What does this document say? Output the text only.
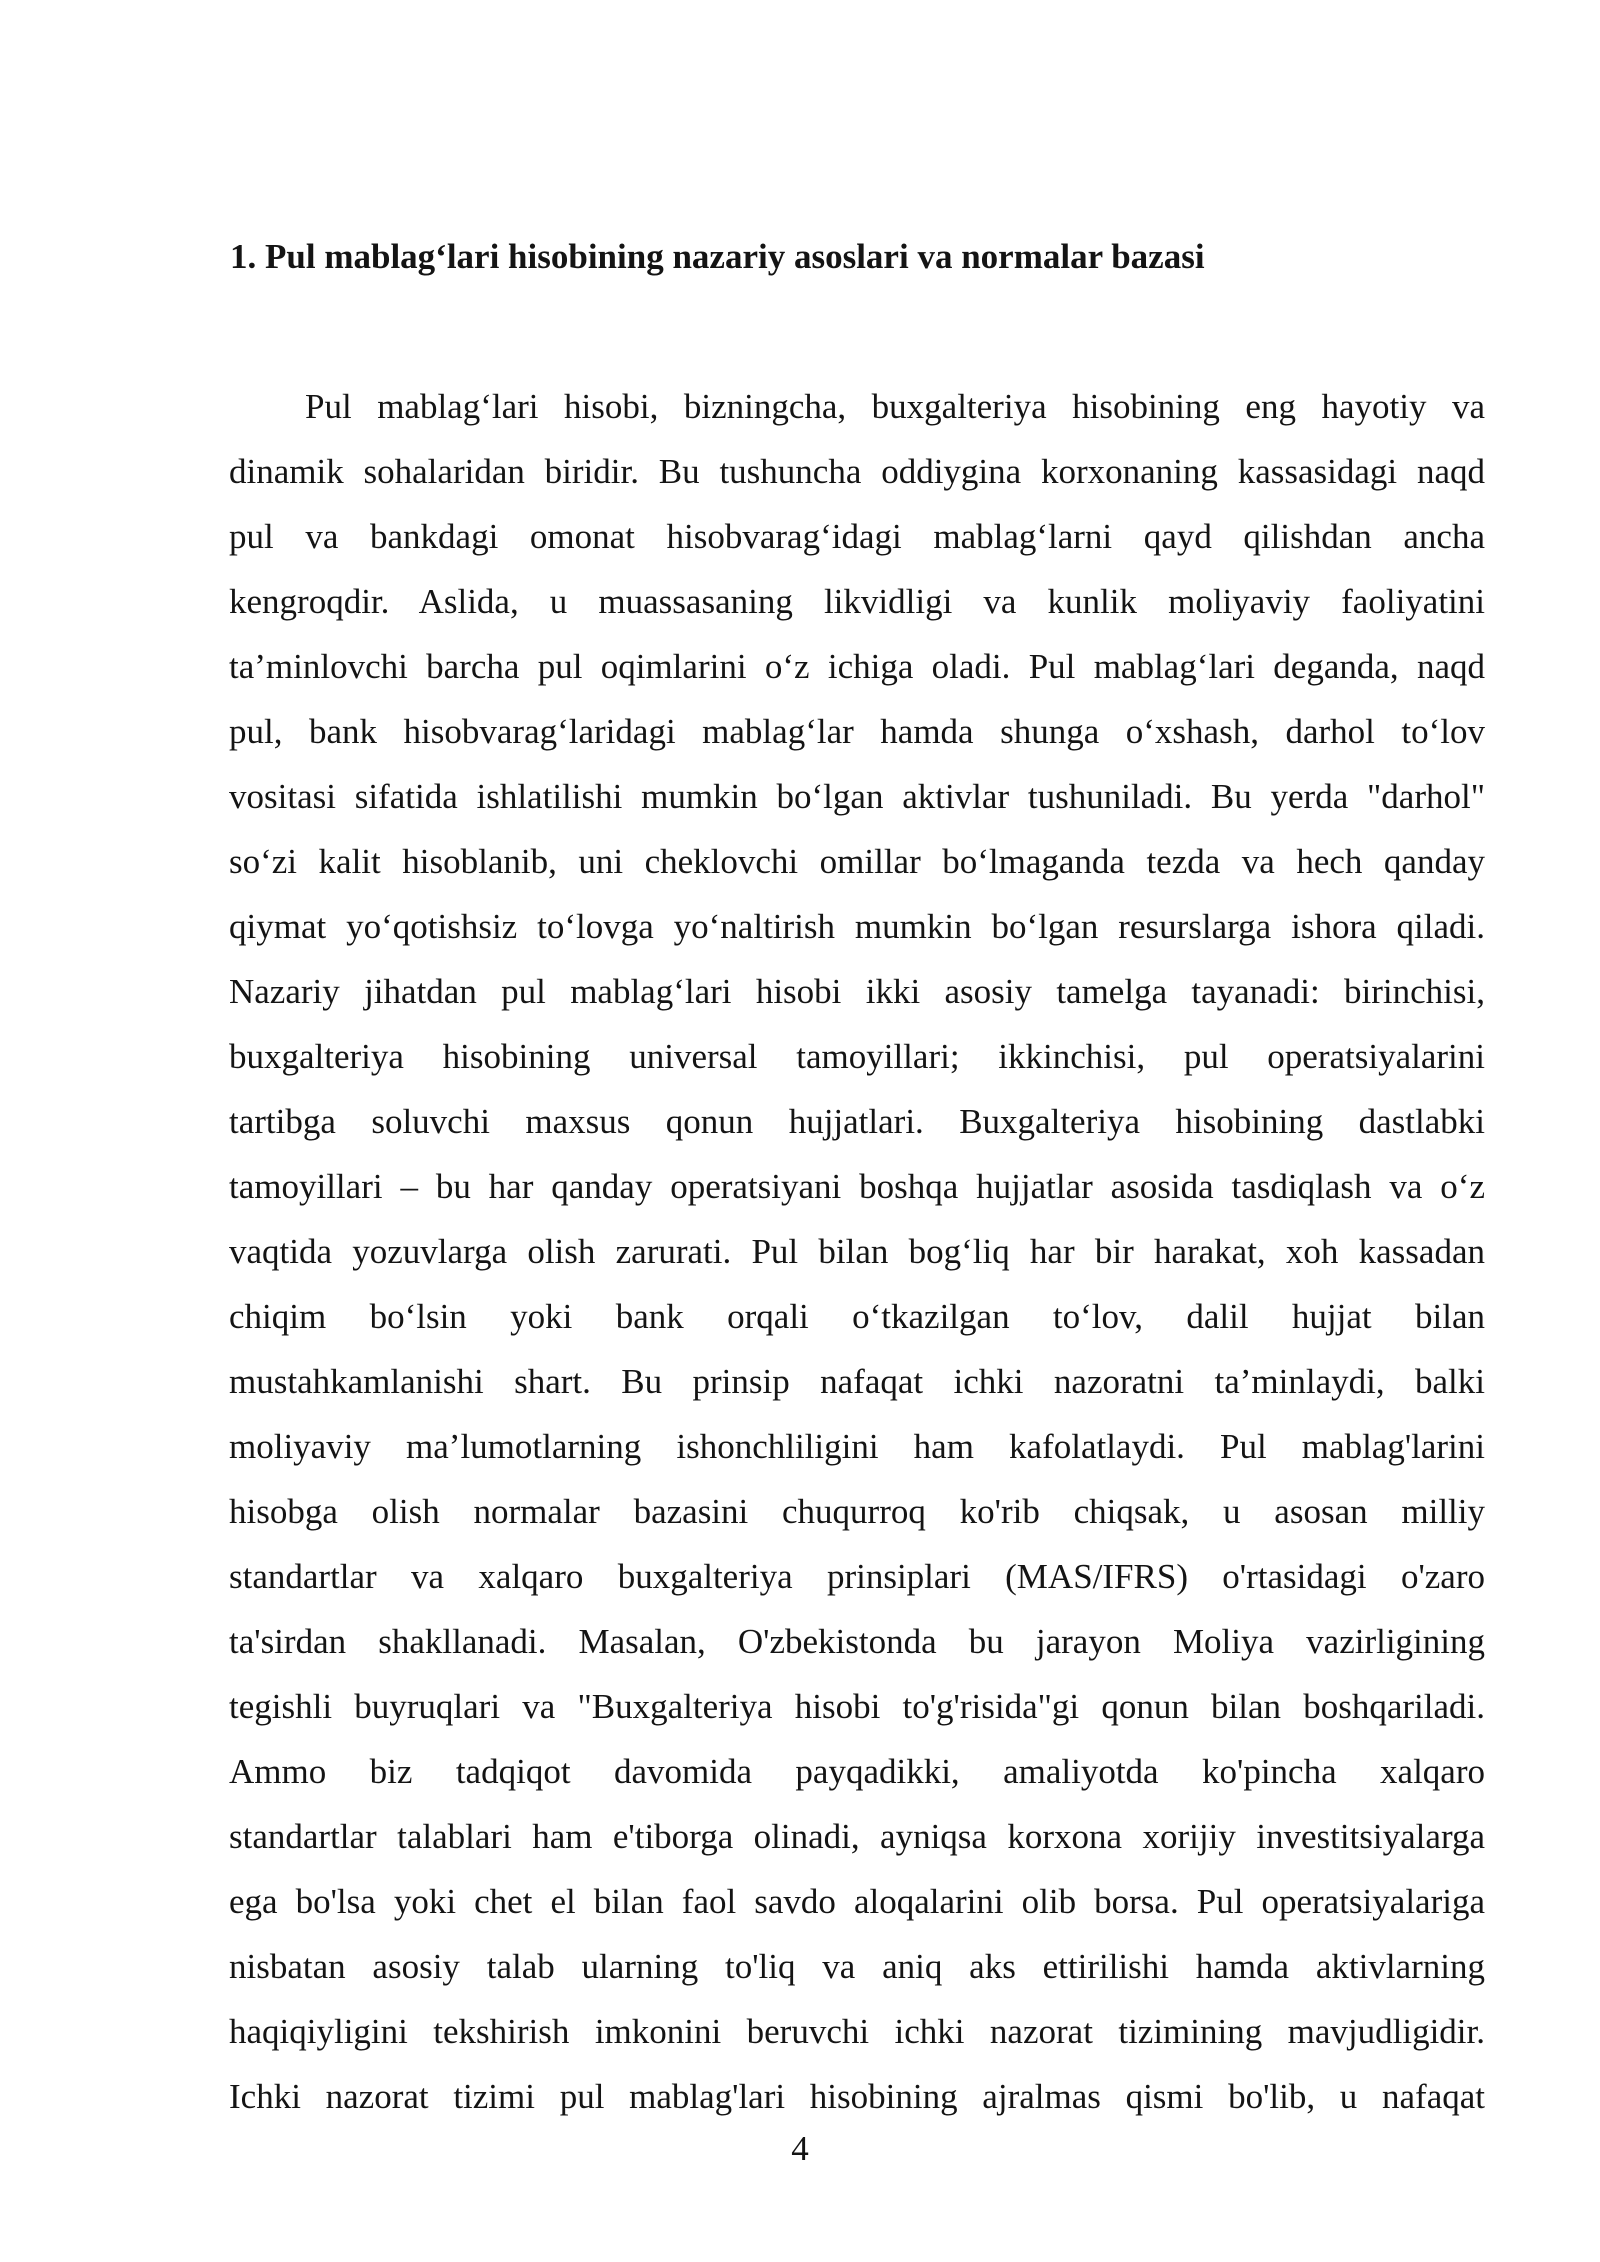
1. Pul mablag‘lari hisobining nazariy asoslari va normalar bazasi
Pul mablag‘lari hisobi, bizningcha, buxgalteriya hisobining eng hayotiy va
dinamik sohalaridan biridir. Bu tushuncha oddiygina korxonaning kassasidagi naqd
pul va bankdagi omonat hisobvarag‘idagi mablag‘larni qayd qilishdan ancha
kengroqdir. Aslida, u muassasaning likvidligi va kunlik moliyaviy faoliyatini
ta’minlovchi barcha pul oqimlarini o‘z ichiga oladi. Pul mablag‘lari deganda, naqd
pul, bank hisobvarag‘laridagi mablag‘lar hamda shunga o‘xshash, darhol to‘lov
vositasi sifatida ishlatilishi mumkin bo‘lgan aktivlar tushuniladi. Bu yerda "darhol"
so‘zi kalit hisoblanib, uni cheklovchi omillar bo‘lmaganda tezda va hech qanday
qiymat yo‘qotishsiz to‘lovga yo‘naltirish mumkin bo‘lgan resurslarga ishora qiladi.
Nazariy jihatdan pul mablag‘lari hisobi ikki asosiy tamelga tayanadi: birinchisi,
buxgalteriya hisobining universal tamoyillari; ikkinchisi, pul operatsiyalarini
tartibga soluvchi maxsus qonun hujjatlari. Buxgalteriya hisobining dastlabki
tamoyillari – bu har qanday operatsiyani boshqa hujjatlar asosida tasdiqlash va o‘z
vaqtida yozuvlarga olish zarurati. Pul bilan bog‘liq har bir harakat, xoh kassadan
chiqim bo‘lsin yoki bank orqali o‘tkazilgan to‘lov, dalil hujjat bilan
mustahkamlanishi shart. Bu prinsip nafaqat ichki nazoratni ta’minlaydi, balki
moliyaviy ma’lumotlarning ishonchliligini ham kafolatlaydi. Pul mablag'larini
hisobga olish normalar bazasini chuqurroq ko'rib chiqsak, u asosan milliy
standartlar va xalqaro buxgalteriya prinsiplari (MAS/IFRS) o'rtasidagi o'zaro
ta'sirdan shakllanadi. Masalan, O'zbekistonda bu jarayon Moliya vazirligining
tegishli buyruqlari va "Buxgalteriya hisobi to'g'risida"gi qonun bilan boshqariladi.
Ammo biz tadqiqot davomida payqadikki, amaliyotda ko'pincha xalqaro
standartlar talablari ham e'tiborga olinadi, ayniqsa korxona xorijiy investitsiyalarga
ega bo'lsa yoki chet el bilan faol savdo aloqalarini olib borsa. Pul operatsiyalariga
nisbatan asosiy talab ularning to'liq va aniq aks ettirilishi hamda aktivlarning
haqiqiyligini tekshirish imkonini beruvchi ichki nazorat tizimining mavjudligidir.
Ichki nazorat tizimi pul mablag'lari hisobining ajralmas qismi bo'lib, u nafaqat
4
